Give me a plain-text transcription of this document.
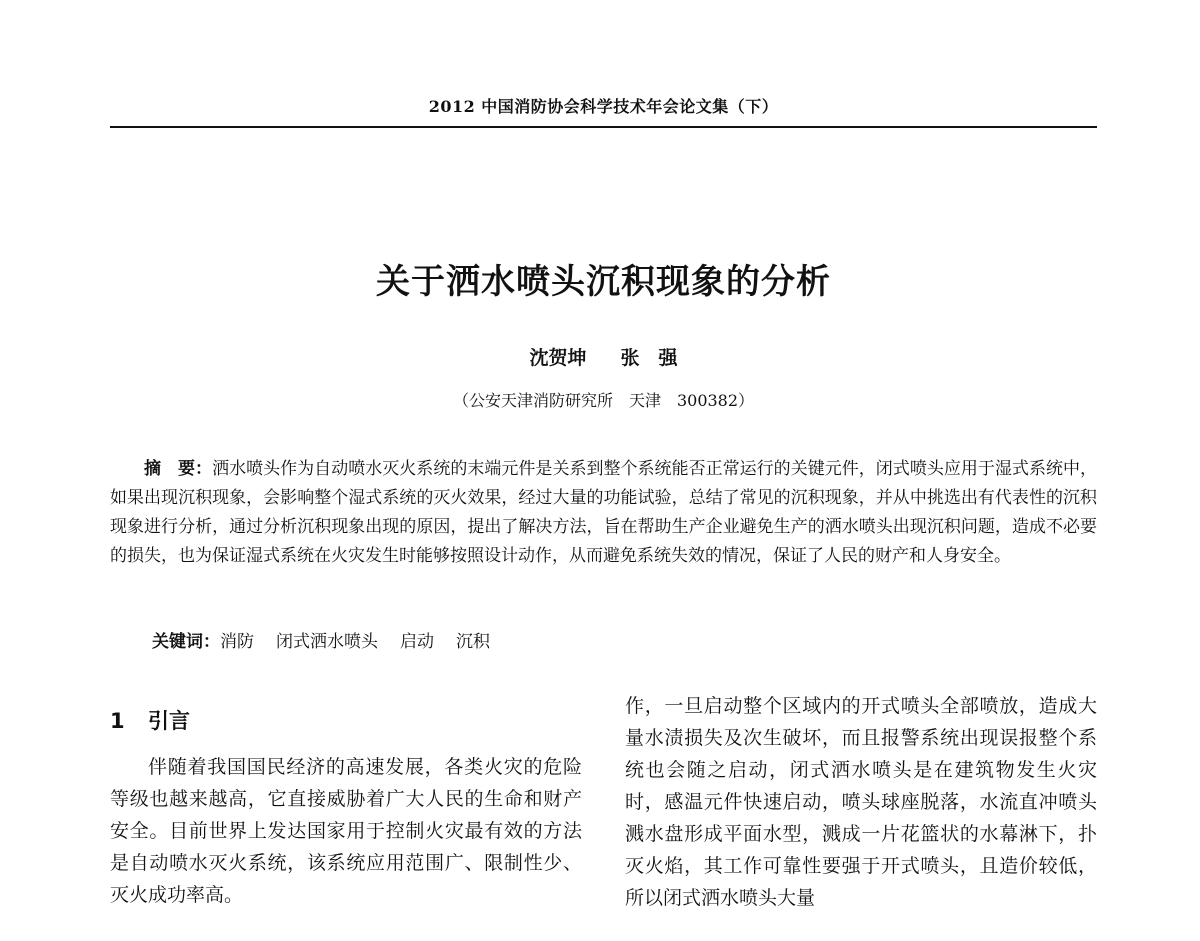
2012 中国消防协会科学技术年会论文集（下）
关于洒水喷头沉积现象的分析
沈贺坤 张　强
（公安天津消防研究所　天津　300382）

摘　要：洒水喷头作为自动喷水灭火系统的末端元件是关系到整个系统能否正常运行的关键元件，闭式喷头应用于湿式系统中，如果出现沉积现象，会影响整个湿式系统的灭火效果，经过大量的功能试验，总结了常见的沉积现象，并从中挑选出有代表性的沉积现象进行分析，通过分析沉积现象出现的原因，提出了解决方法，旨在帮助生产企业避免生产的洒水喷头出现沉积问题，造成不必要的损失，也为保证湿式系统在火灾发生时能够按照设计动作，从而避免系统失效的情况，保证了人民的财产和人身安全。

关键词：消防 闭式洒水喷头 启动 沉积
1 引言

伴随着我国国民经济的高速发展，各类火灾的危险等级也越来越高，它直接威胁着广大人民的生命和财产安全。目前世界上发达国家用于控制火灾最有效的方法是自动喷水灭火系统，该系统应用范围广、限制性少、灭火成功率高。

作，一旦启动整个区域内的开式喷头全部喷放，造成大量水渍损失及次生破坏，而且报警系统出现误报整个系统也会随之启动，闭式洒水喷头是在建筑物发生火灾时，感温元件快速启动，喷头球座脱落，水流直冲喷头溅水盘形成平面水型，溅成一片花篮状的水幕淋下，扑灭火焰，其工作可靠性要强于开式喷头，且造价较低，所以闭式洒水喷头大量
